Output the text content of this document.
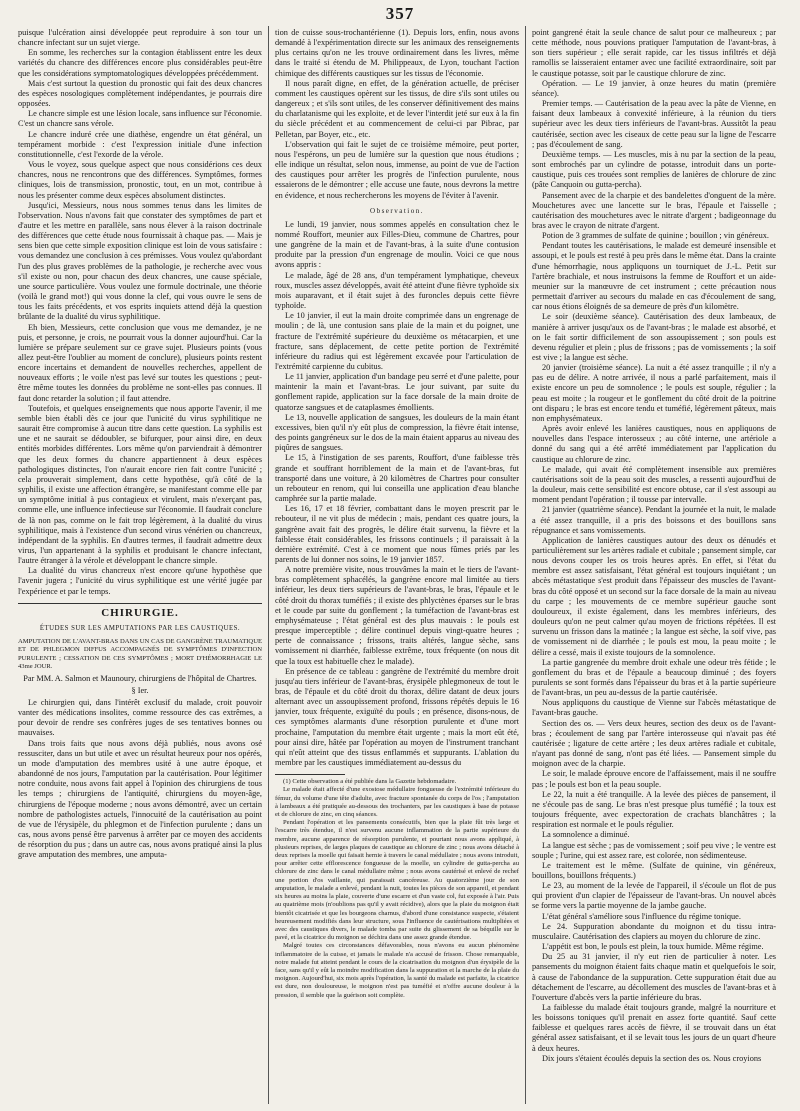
357

puisque l'ulcération ainsi développée peut reproduire à son tour un chancre infectant sur un sujet vierge.

En somme, les recherches sur la contagion établissent entre les deux variétés du chancre des différences encore plus considérables peut-être que les considérations symptomatologiques développées précédemment.

Mais c'est surtout la question du pronostic qui fait des deux chancres des espèces nosologiques complètement indépendantes, je pourrais dire opposées.

Le chancre simple est une lésion locale, sans influence sur l'économie. C'est un chancre sans vérole.

Le chancre induré crée une diathèse, engendre un état général, un tempérament morbide : c'est l'expression initiale d'une infection constitutionnelle, c'est l'exorde de la vérole.

Vous le voyez, sous quelque aspect que nous considérions ces deux chancres, nous ne rencontrons que des différences. Symptômes, formes cliniques, lois de transmission, pronostic, tout, en un mot, contribue à nous les présenter comme deux espèces absolument distinctes.

Jusqu'ici, Messieurs, nous nous sommes tenus dans les limites de l'observation. Nous n'avons fait que constater des symptômes de part et d'autre et les mettre en parallèle, sans nous élever à la raison doctrinale des différences que cette étude nous fournissait à chaque pas. — Mais je sens bien que cette simple exposition clinique est loin de vous satisfaire : vous demandez une conclusion à ces prémisses. Vous voulez qu'abordant l'un des plus graves problèmes de la pathologie, je recherche avec vous s'il existe ou non, pour chacun des deux chancres, une cause spéciale, une source particulière. Vous voulez une formule doctrinale, une théorie (voilà le grand mot!) qui vous donne la clef, qui vous ouvre le sens de tous les faits précédents, et vos esprits inquiets attend déjà la question brûlante de la dualité du virus syphilitique.

Eh bien, Messieurs, cette conclusion que vous me demandez, je ne puis, et personne, je crois, ne pourrait vous la donner aujourd'hui. Car la lumière se prépare seulement sur ce grave sujet. Plusieurs points (vous allez peut-être l'oublier au moment de conclure), plusieurs points restent encore incertains et demandent de nouvelles recherches, appellent de nouveaux efforts ; le voile n'est pas levé sur toutes les questions ; peut-être même toutes les données du problème ne sont-elles pas connues. Il faut donc retarder la solution ; il faut attendre.

Toutefois, et quelques enseignements que nous apporte l'avenir, il me semble bien établi dès ce jour que l'unicité du virus syphilitique ne saurait être compromise à aucun titre dans cette question. La syphilis est une et ne saurait se dédoubler, se bifurquer, pour ainsi dire, en deux entités morbides différentes. Lors même qu'on parviendrait à démontrer que les deux formes du chancre appartiennent à deux espèces pathologiques distinctes, l'on n'aurait encore rien fait contre l'unicité ; cela prouverait simplement, dans cette hypothèse, qu'à côté de la syphilis, il existe une affection étrangère, se manifestant comme elle par un symptôme initial à pus contagieux et virulent, mais n'exerçant pas, comme elle, une influence infectieuse sur l'économie. Il faudrait conclure de là non pas, comme on le fait trop légèrement, à la dualité du virus syphilitique, mais à l'existence d'un second virus vénérien ou chancreux, indépendant de la syphilis. En d'autres termes, il faudrait admettre deux virus, l'un appartenant à la syphilis et produisant le chancre infectant, l'autre étranger à la vérole et développant le chancre simple.

La dualité du virus chancreux n'est encore qu'une hypothèse que l'avenir jugera ; l'unicité du virus syphilitique est une vérité jugée par l'expérience et par le temps.

CHIRURGIE.
ÉTUDES SUR LES AMPUTATIONS PAR LES CAUSTIQUES.
AMPUTATION DE L'AVANT-BRAS DANS UN CAS DE GANGRÈNE TRAUMATIQUE ET DE PHLEGMON DIFFUS ACCOMPAGNÉS DE SYMPTÔMES D'INFECTION PURULENTE ; CESSATION DE CES SYMPTÔMES ; MORT D'HÉMORRHAGIE LE 43me JOUR.
Par MM. A. Salmon et Maunoury, chirurgiens de l'hôpital de Chartres.
§ Ier.

Le chirurgien qui, dans l'intérêt exclusif du malade, croit pouvoir vanter des médications insolites, comme ressource des cas extrêmes, a pour devoir de rendre ses confrères juges de ses tentatives bonnes ou mauvaises.

Dans trois faits que nous avons déjà publiés, nous avons osé ressusciter, dans un but utile et avec un résultat heureux pour nos opérés, un mode d'amputation des membres usité à une autre époque, et abandonné de nos jours, l'amputation par la cautérisation. Pour légitimer notre conduite, nous avons fait appel à l'opinion des chirurgiens de tous les temps ; chirurgiens de l'antiquité, chirurgiens du moyen-âge, chirurgiens de l'époque moderne ; nous avons démontré, avec un certain nombre de pathologistes actuels, l'innocuité de la cautérisation au point de vue de l'érysipèle, du phlegmon et de l'infection purulente ; dans un cas, nous avons pensé être parvenus à arrêter par ce moyen des accidents de résorption du pus ; dans un autre cas, nous avons pratiqué ainsi la plus grave amputation des membres, une amputa-

tion de cuisse sous-trochantérienne (1). Depuis lors, enfin, nous avons demandé à l'expérimentation directe sur les animaux des renseignements plus certains qu'on ne les trouve ordinairement dans les livres, même dans le traité si étendu de M. Philippeaux, de Lyon, touchant l'action chimique des différents caustiques sur les tissus de l'économie.

Il nous paraît digne, en effet, de la génération actuelle, de préciser comment les caustiques opèrent sur les tissus, de dire s'ils sont utiles ou dangereux ; et s'ils sont utiles, de les conserver définitivement des mains du charlatanisme qui les exploite, et de lever l'interdit jeté sur eux à la fin du siècle précédent et au commencement de celui-ci par Pibrac, par Pelletan, par Boyer, etc., etc.

L'observation qui fait le sujet de ce troisième mémoire, peut porter, nous l'espérons, un peu de lumière sur la question que nous étudions ; elle indique un résultat, selon nous, immense, au point de vue de l'action des caustiques pour arrêter les progrès de l'infection purulente, nous essaierons de le démontrer ; elle accuse une faute, nous devrons la mettre en évidence, et nous rechercherons les moyens de l'éviter à l'avenir.

Observation.

Le lundi, 19 janvier, nous sommes appelés en consultation chez le nommé Rouffort, meunier aux Filles-Dieu, commune de Chartres, pour une gangrène de la main et de l'avant-bras, à la suite d'une contusion produite par la pression d'un engrenage de moulin. Voici ce que nous avons appris :

Le malade, âgé de 28 ans, d'un tempérament lymphatique, cheveux roux, muscles assez développés, avait été atteint d'une fièvre typhoïde six mois auparavant, et il était sujet à des furoncles depuis cette fièvre typhoïde.

Le 10 janvier, il eut la main droite comprimée dans un engrenage de moulin ; de là, une contusion sans plaie de la main et du poignet, une fracture de l'extrémité supérieure du deuxième os métacarpien, et une fracture, sans déplacement, de cette petite portion de l'extrémité inférieure du radius qui est légèrement excavée pour l'articulation de l'extrémité carpienne du cubitus.

Le 11 janvier, application d'un bandage peu serré et d'une palette, pour maintenir la main et l'avant-bras. Le jour suivant, par suite du gonflement rapide, application sur la face dorsale de la main droite de quatorze sangsues et de cataplasmes émollients.

Le 13, nouvelle application de sangsues, les douleurs de la main étant excessives, bien qu'il n'y eût plus de compression, la fièvre était intense, des points gangréneux sur le dos de la main étaient apparus au niveau des piqûres de sangsues.

Le 15, à l'instigation de ses parents, Rouffort, d'une faiblesse très grande et souffrant horriblement de la main et de l'avant-bras, fut transporté dans une voiture, à 20 kilomètres de Chartres pour consulter un rebouteur en renom, qui lui conseilla une application d'eau blanche camphrée sur la partie malade.

Les 16, 17 et 18 février, combattant dans le moyen prescrit par le rebouteur, il ne vit plus de médecin ; mais, pendant ces quatre jours, la gangrène avait fait des progrès, le délire était survenu, la fièvre et la faiblesse était considérables, les frissons continuels ; il paraissait à la dernière extrémité. C'est à ce moment que nous fûmes priés par les parents de lui donner nos soins, le 19 janvier 1857.

A notre première visite, nous trouvâmes la main et le tiers de l'avant-bras complètement sphacélés, la gangrène encore mal limitée au tiers inférieur, les deux tiers supérieurs de l'avant-bras, le bras, l'épaule et le côté droit du thorax tuméfiés ; il existe des phlyctènes éparses sur le bras et le coude par suite du gonflement ; la tuméfaction de l'avant-bras est emphysémateuse ; l'état général est des plus mauvais : le pouls est presque imperceptible ; délire continuel depuis vingt-quatre heures ; perte de connaissance ; frissons, traits altérés, langue sèche, sans vomissement ni diarrhée, faiblesse extrême, toux fréquente (on nous dit que la toux est habituelle chez le malade).

En présence de ce tableau : gangrène de l'extrémité du membre droit jusqu'au tiers inférieur de l'avant-bras, érysipèle phlegmoneux de tout le bras, de l'épaule et du côté droit du thorax, délire datant de deux jours alternant avec un assoupissement profond, frissons répétés depuis le 16 janvier, toux fréquente, exiguïté du pouls ; en présence, disons-nous, de ces symptômes alarmants d'une résorption purulente et d'une mort prochaine, l'amputation du membre était urgente ; mais la mort eût été, pour ainsi dire, hâtée par l'opération au moyen de l'instrument tranchant qui n'eût atteint que des tissus enflammés et suppurants. L'ablation du membre par les caustiques immédiatement au-dessus du

(1) Cette observation a été publiée dans la Gazette hebdomadaire.

Le malade était affecté d'une exostose médullaire fongueuse de l'extrémité inférieure du fémur, du volume d'une tête d'adulte, avec fracture spontanée du corps de l'os ; l'amputation à lambeaux a été pratiquée au-dessous des trochanters, par les caustiques à base de potasse et de chlorure de zinc, en cinq séances.

Pendant l'opération et les pansements consécutifs, bien que la plaie fût très large et l'escarre très étendue, il n'est survenu aucune inflammation de la partie supérieure du membre, aucune apparence de résorption purulente, et pourtant nous avons appliqué, à plusieurs reprises, de larges plaques de caustique au chlorure de zinc ; nous avons détaché à deux reprises la moelle qui faisait hernie à travers le canal médullaire ; nous avons introduit, pour arrêter cette efflorescence fongueuse de la moelle, un cylindre de gutta-percha au chlorure de zinc dans le canal médullaire même ; nous avons cautérisé et enlevé de rechef une portion d'os vaillante, qui paraissait cancéreuse. Au quatorzième jour de son amputation, le malade a enlevé, pendant la nuit, toutes les pièces de son appareil, et pendant six heures au moins la plaie, couverte d'une escarre et d'un vaste col, fut exposée à l'air. Puis au quatrième mois (n'oublions pas qu'il y avait récidive), alors que la plaie du moignon était bientôt cicatrisée et que les bourgeons charnus, d'abord d'une consistance suspecte, s'étaient heureusement modifiés dans leur structure, sous l'influence de cautérisations multipliées et avec des caustiques divers, le malade tomba par suite du glissement de sa béquille sur le pavé, et la cicatrice du moignon se déchira dans une assez grande étendue.

Malgré toutes ces circonstances défavorables, nous n'avons eu aucun phénomène inflammatoire de la cuisse, et jamais le malade n'a accusé de frisson. Chose remarquable, notre malade fut atteint pendant le cours de la cicatrisation du moignon d'un érysipèle de la face, sans qu'il y eût la moindre modification dans la suppuration et la marche de la plaie du moignon. Aujourd'hui, six mois après l'opération, la santé du malade est parfaite, la cicatrice est dure, non douloureuse, le moignon n'est pas tuméfié et n'offre aucune douleur à la pression, il semble que la guérison soit complète.

point gangrené était la seule chance de salut pour ce malheureux ; par cette méthode, nous pouvions pratiquer l'amputation de l'avant-bras, à son tiers supérieur ; elle serait rapide, car les tissus infiltrés et déjà ramollis se laisseraient entamer avec une facilité extraordinaire, soit par le caustique potasse, soit par le caustique chlorure de zinc.

Opération. — Le 19 janvier, à onze heures du matin (première séance).

Premier temps. — Cautérisation de la peau avec la pâte de Vienne, en faisant deux lambeaux à convexité inférieure, à la réunion du tiers supérieur avec les deux tiers inférieurs de l'avant-bras. Aussitôt la peau cautérisée, section avec les ciseaux de cette peau sur la ligne de l'escarre ; pas d'écoulement de sang.

Deuxième temps. — Les muscles, mis à nu par la section de la peau, sont embrochés par un cylindre de potasse, introduit dans un porte-caustique, puis ces trouées sont remplies de lanières de chlorure de zinc (pâte Canquoin ou gutta-percha).

Pansement avec de la charpie et des bandelettes d'onguent de la mère. Mouchetures avec une lancette sur le bras, l'épaule et l'aisselle ; cautérisation des mouchetures avec le nitrate d'argent ; badigeonnage du bras avec le crayon de nitrate d'argent.

Potion de 3 grammes de sulfate de quinine ; bouillon ; vin généreux.

Pendant toutes les cautérisations, le malade est demeuré insensible et assoupi, et le pouls est resté à peu près dans le même état. Dans la crainte d'une hémorrhagie, nous appliquons un tourniquet de J.-L. Petit sur l'artère brachiale, et nous instruisons la femme de Rouffort et un aide-meunier sur la manœuvre de cet instrument ; cette précaution nous permettait d'arriver au secours du malade en cas d'écoulement de sang, car nous étions éloignés de sa demeure de près d'un kilomètre.

Le soir (deuxième séance). Cautérisation des deux lambeaux, de manière à arriver jusqu'aux os de l'avant-bras ; le malade est absorbé, et on le fait sortir difficilement de son assoupissement ; son pouls est devenu régulier et plein ; plus de frissons ; pas de vomissements ; la soif est vive ; la langue est sèche.

20 janvier (troisième séance). La nuit a été assez tranquille ; il n'y a pas eu de délire. A notre arrivée, il nous a parlé parfaitement, mais il existe encore un peu de somnolence ; le pouls est souple, régulier ; la peau est moite ; la rougeur et le gonflement du côté droit de la poitrine ont disparu ; le bras est encore tendu et tuméfié, légèrement pâteux, mais non emphysémateux.

Après avoir enlevé les lanières caustiques, nous en appliquons de nouvelles dans l'espace interosseux ; au côté interne, une artériole a donné du sang qui a été arrêté immédiatement par l'application du caustique au chlorure de zinc.

Le malade, qui avait été complètement insensible aux premières cautérisations soit de la peau soit des muscles, a ressenti aujourd'hui de la douleur, mais cette sensibilité est encore obtuse, car il s'est assoupi au moment pendant l'opération ; il tousse par intervalle.

21 janvier (quatrième séance). Pendant la journée et la nuit, le malade a été assez tranquille, il a pris des boissons et des bouillons sans répugnance et sans vomissements.

Application de lanières caustiques autour des deux os dénudés et particulièrement sur les artères radiale et cubitale ; pansement simple, car nous devons couper les os trois heures après. En effet, si l'état du membre est assez satisfaisant, l'état général est toujours inquiétant ; un abcès métastatique s'est produit dans l'épaisseur des muscles de l'avant-bras du côté opposé et un second sur la face dorsale de la main au niveau du carpe ; les mouvements de ce membre supérieur gauche sont douloureux, il existe également, dans les membres inférieurs, des douleurs qu'on ne peut calmer qu'au moyen de frictions répétées. Il est survenu un frisson dans la matinée ; la langue est sèche, la soif vive, pas de vomissement ni de diarrhée ; le pouls est mou, la peau moite ; le délire a cessé, mais il existe toujours de la somnolence.

La partie gangrenée du membre droit exhale une odeur très fétide ; le gonflement du bras et de l'épaule a beaucoup diminué ; des foyers purulents se sont formés dans l'épaisseur du bras et à la partie supérieure de l'avant-bras, un peu au-dessus de la partie cautérisée.

Nous appliquons du caustique de Vienne sur l'abcès métastatique de l'avant-bras gauche.

Section des os. — Vers deux heures, section des deux os de l'avant-bras ; écoulement de sang par l'artère interosseuse qui n'avait pas été cautérisée ; ligature de cette artère ; les deux artères radiale et cubitale, n'ayant pas donné de sang, n'ont pas été liées. — Pansement simple du moignon avec de la charpie.

Le soir, le malade éprouve encore de l'affaissement, mais il ne souffre pas ; le pouls est bon et la peau souple.

Le 22, la nuit a été tranquille. A la levée des pièces de pansement, il ne s'écoule pas de sang. Le bras n'est presque plus tuméfié ; la toux est toujours fréquente, avec expectoration de crachats blanchâtres ; la respiration est normale et le pouls régulier.

La somnolence a diminué.

La langue est sèche ; pas de vomissement ; soif peu vive ; le ventre est souple ; l'urine, qui est assez rare, est colorée, non sédimenteuse.

Le traitement est le même. (Sulfate de quinine, vin généreux, bouillons, bouillons fréquents.)

Le 23, au moment de la levée de l'appareil, il s'écoule un flot de pus qui provient d'un clapier de l'épaisseur de l'avant-bras. Un nouvel abcès se forme vers la partie moyenne de la jambe gauche.

L'état général s'améliore sous l'influence du régime tonique.

Le 24. Suppuration abondante du moignon et du tissu intra-musculaire. Cautérisation des clapiers au moyen du chlorure de zinc.

L'appétit est bon, le pouls est plein, la toux humide. Même régime.

Du 25 au 31 janvier, il n'y eut rien de particulier à noter. Les pansements du moignon étaient faits chaque matin et quelquefois le soir, à cause de l'abondance de la suppuration. Cette suppuration était due au détachement de l'escarre, au décollement des muscles de l'avant-bras et à l'ouverture d'abcès vers la partie inférieure du bras.

La faiblesse du malade était toujours grande, malgré la nourriture et les boissons toniques qu'il prenait en assez forte quantité. Sauf cette faiblesse et quelques rares accès de fièvre, il se trouvait dans un état général assez satisfaisant, et il se levait tous les jours de un quart d'heure à deux heures.

Dix jours s'étaient écoulés depuis la section des os. Nous croyions
